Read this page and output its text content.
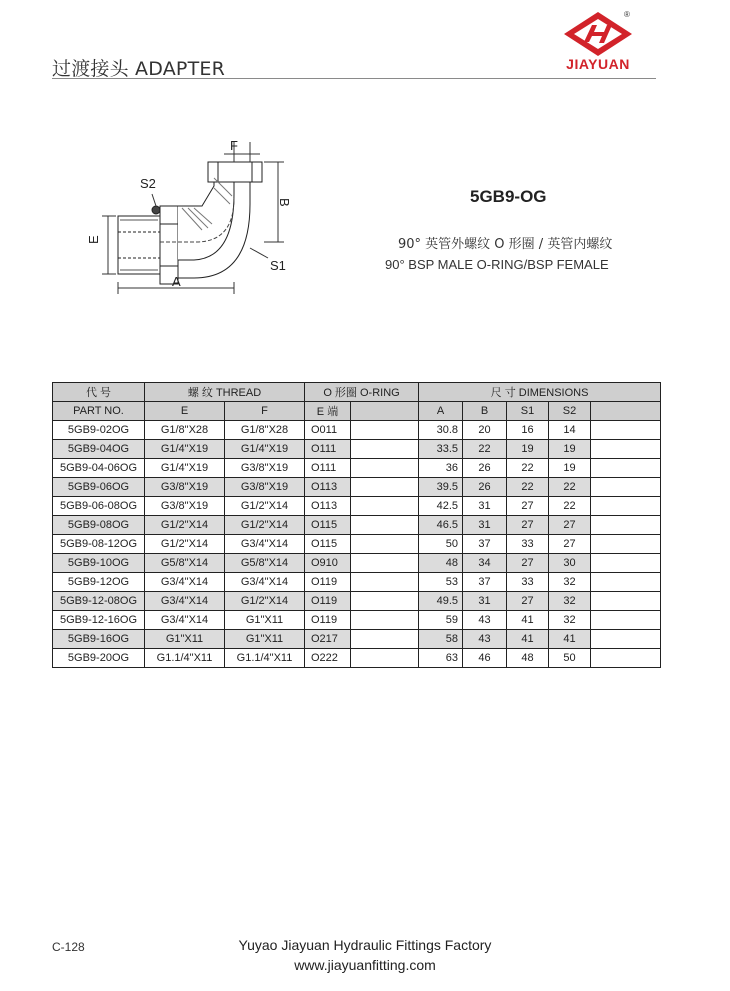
过渡接头 ADAPTER
®
JIAYUAN
F
S2
B
E
S1
A
5GB9-OG
90° 英管外螺纹 O 形圈 / 英管内螺纹
90° BSP MALE O-RING/BSP FEMALE
代 号	螺 纹 THREAD		O 形圈 O-RING		尺 寸 DIMENSIONS				
PART NO.	E	F	E 端		A	B	S1	S2	
5GB9-02OG	G1/8"X28	G1/8"X28	O011		30.8	20	16	14	
5GB9-04OG	G1/4"X19	G1/4"X19	O111		33.5	22	19	19	
5GB9-04-06OG	G1/4"X19	G3/8"X19	O111		36	26	22	19	
5GB9-06OG	G3/8"X19	G3/8"X19	O113		39.5	26	22	22	
5GB9-06-08OG	G3/8"X19	G1/2"X14	O113		42.5	31	27	22	
5GB9-08OG	G1/2"X14	G1/2"X14	O115		46.5	31	27	27	
5GB9-08-12OG	G1/2"X14	G3/4"X14	O115		50	37	33	27	
5GB9-10OG	G5/8"X14	G5/8"X14	O910		48	34	27	30	
5GB9-12OG	G3/4"X14	G3/4"X14	O119		53	37	33	32	
5GB9-12-08OG	G3/4"X14	G1/2"X14	O119		49.5	31	27	32	
5GB9-12-16OG	G3/4"X14	G1"X11	O119		59	43	41	32	
5GB9-16OG	G1"X11	G1"X11	O217		58	43	41	41	
5GB9-20OG	G1.1/4"X11	G1.1/4"X11	O222		63	46	48	50	
C-128	Yuyao Jiayuan Hydraulic Fittings Factory
www.jiayuanfitting.com
